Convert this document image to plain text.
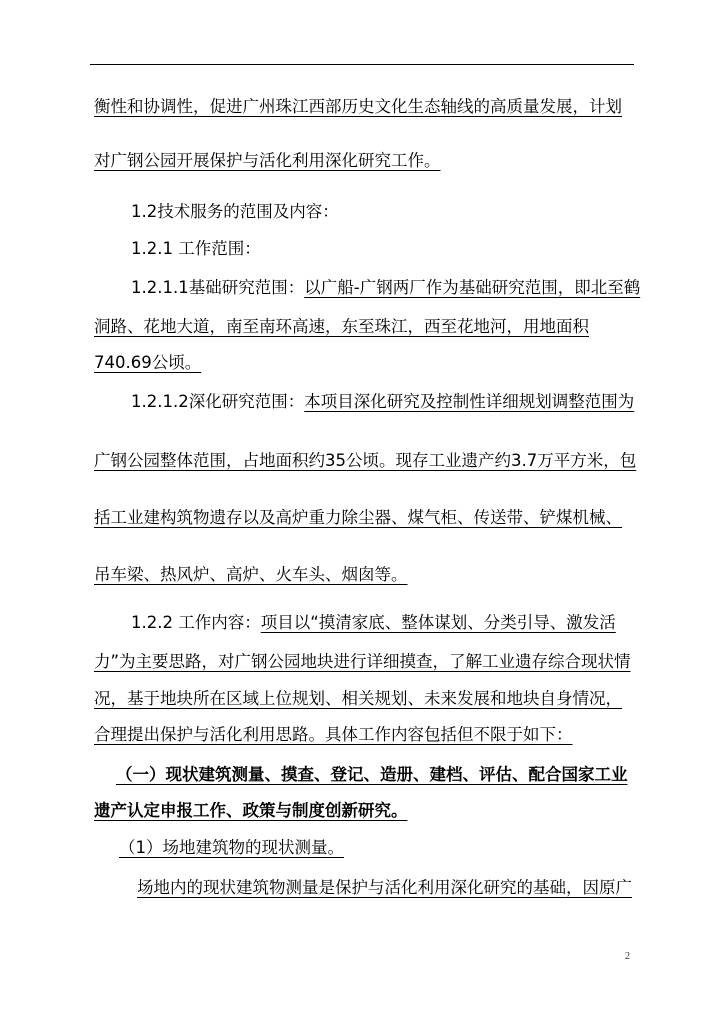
衡性和协调性，促进广州珠江西部历史文化生态轴线的高质量发展，计划
对广钢公园开展保护与活化利用深化研究工作。
1.2技术服务的范围及内容：
1.2.1 工作范围：
1.2.1.1基础研究范围：以广船-广钢两厂作为基础研究范围，即北至鹤
洞路、花地大道，南至南环高速，东至珠江，西至花地河，用地面积
740.69公顷。
1.2.1.2深化研究范围：本项目深化研究及控制性详细规划调整范围为
广钢公园整体范围，占地面积约35公顷。现存工业遗产约3.7万平方米，包
括工业建构筑物遗存以及高炉重力除尘器、煤气柜、传送带、铲煤机械、
吊车梁、热风炉、高炉、火车头、烟囱等。
1.2.2 工作内容：项目以“摸清家底、整体谋划、分类引导、激发活
力”为主要思路，对广钢公园地块进行详细摸查，了解工业遗存综合现状情
况，基于地块所在区域上位规划、相关规划、未来发展和地块自身情况，
合理提出保护与活化利用思路。具体工作内容包括但不限于如下：
（一）现状建筑测量、摸查、登记、造册、建档、评估、配合国家工业
遗产认定申报工作、政策与制度创新研究。
（1）场地建筑物的现状测量。
场地内的现状建筑物测量是保护与活化利用深化研究的基础，因原广
2
